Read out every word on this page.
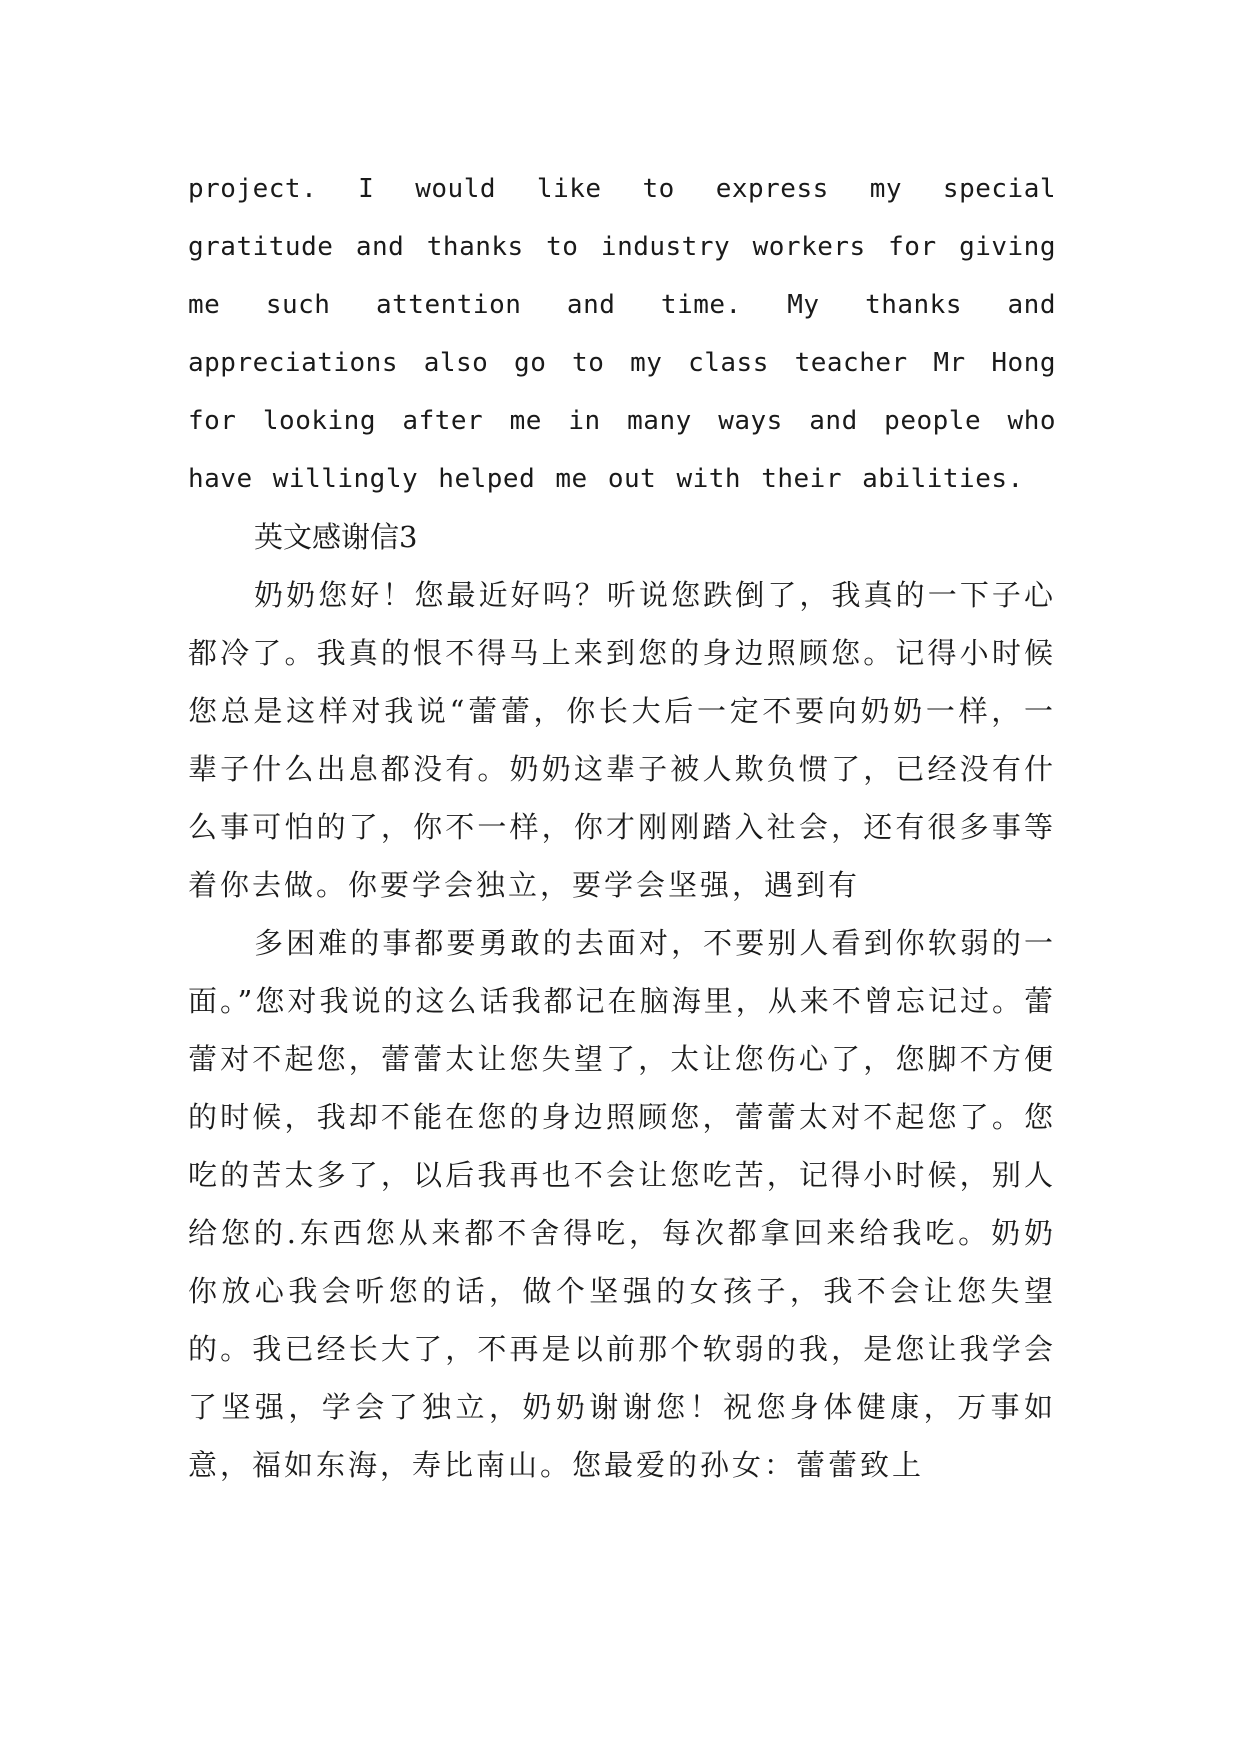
project. I would like to express my special gratitude and thanks to industry workers for giving me such attention and time. My thanks and appreciations also go to my class teacher Mr Hong for looking after me in many ways and people who have willingly helped me out with their abilities.

英文感谢信3

奶奶您好！您最近好吗？听说您跌倒了，我真的一下子心都冷了。我真的恨不得马上来到您的身边照顾您。记得小时候您总是这样对我说“蕾蕾，你长大后一定不要向奶奶一样，一辈子什么出息都没有。奶奶这辈子被人欺负惯了，已经没有什么事可怕的了，你不一样，你才刚刚踏入社会，还有很多事等着你去做。你要学会独立，要学会坚强，遇到有

多困难的事都要勇敢的去面对，不要别人看到你软弱的一面。”您对我说的这么话我都记在脑海里，从来不曾忘记过。蕾蕾对不起您，蕾蕾太让您失望了，太让您伤心了，您脚不方便的时候，我却不能在您的身边照顾您，蕾蕾太对不起您了。您吃的苦太多了，以后我再也不会让您吃苦，记得小时候，别人给您的.东西您从来都不舍得吃，每次都拿回来给我吃。奶奶你放心我会听您的话，做个坚强的女孩子，我不会让您失望的。我已经长大了，不再是以前那个软弱的我，是您让我学会了坚强，学会了独立，奶奶谢谢您！祝您身体健康，万事如意，福如东海，寿比南山。您最爱的孙女：蕾蕾致上
